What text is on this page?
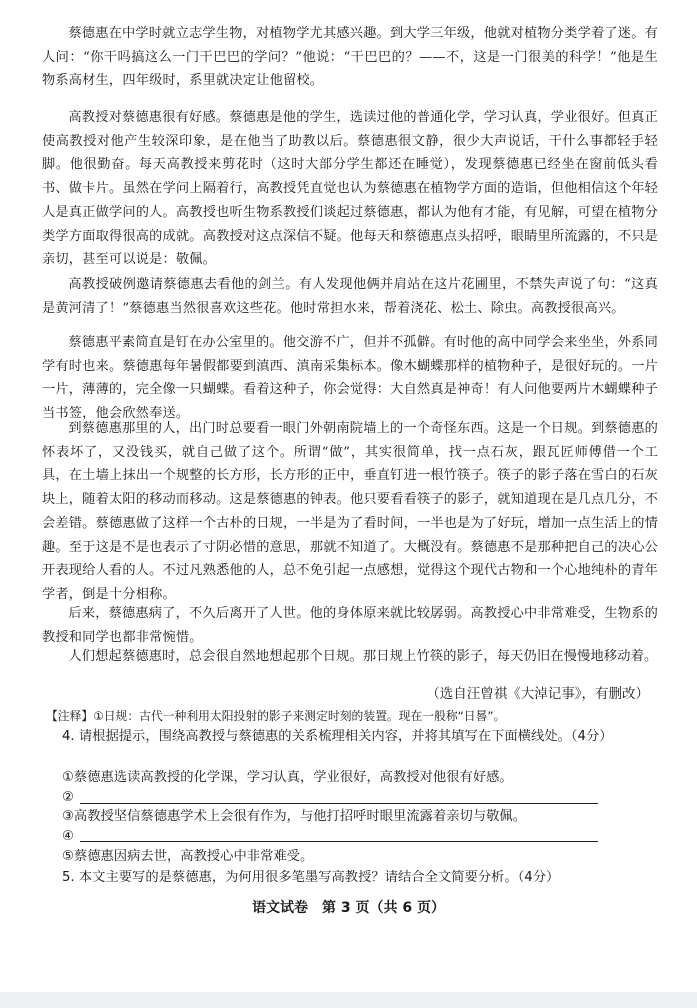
蔡德惠在中学时就立志学生物，对植物学尤其感兴趣。到大学三年级，他就对植物分类学着了迷。有人问：“你干吗搞这么一门干巴巴的学问？”他说：“干巴巴的？——不，这是一门很美的科学！”他是生物系高材生，四年级时，系里就决定让他留校。

高教授对蔡德惠很有好感。蔡德惠是他的学生，选读过他的普通化学，学习认真，学业很好。但真正使高教授对他产生较深印象，是在他当了助教以后。蔡德惠很文静，很少大声说话，干什么事都轻手轻脚。他很勤奋。每天高教授来剪花时（这时大部分学生都还在睡觉），发现蔡德惠已经坐在窗前低头看书、做卡片。虽然在学问上隔着行，高教授凭直觉也认为蔡德惠在植物学方面的造诣，但他相信这个年轻人是真正做学问的人。高教授也听生物系教授们谈起过蔡德惠，都认为他有才能，有见解，可望在植物分类学方面取得很高的成就。高教授对这点深信不疑。他每天和蔡德惠点头招呼，眼睛里所流露的，不只是亲切，甚至可以说是：敬佩。

高教授破例邀请蔡德惠去看他的剑兰。有人发现他俩并肩站在这片花圃里，不禁失声说了句：“这真是黄河清了！”蔡德惠当然很喜欢这些花。他时常担水来，帮着浇花、松土、除虫。高教授很高兴。

蔡德惠平素简直是钉在办公室里的。他交游不广，但并不孤僻。有时他的高中同学会来坐坐，外系同学有时也来。蔡德惠每年暑假都要到滇西、滇南采集标本。像木蝴蝶那样的植物种子，是很好玩的。一片一片，薄薄的，完全像一只蝴蝶。看着这种子，你会觉得：大自然真是神奇！有人问他要两片木蝴蝶种子当书签，他会欣然奉送。

到蔡德惠那里的人，出门时总要看一眼门外朝南院墙上的一个奇怪东西。这是一个日规。到蔡德惠的怀表坏了，又没钱买，就自己做了这个。所谓“做”，其实很简单，找一点石灰，跟瓦匠师傅借一个工具，在土墙上抹出一个规整的长方形，长方形的正中，垂直钉进一根竹筷子。筷子的影子落在雪白的石灰块上，随着太阳的移动而移动。这是蔡德惠的钟表。他只要看看筷子的影子，就知道现在是几点几分，不会差错。蔡德惠做了这样一个古朴的日规，一半是为了看时间，一半也是为了好玩，增加一点生活上的情趣。至于这是不是也表示了寸阴必惜的意思，那就不知道了。大概没有。蔡德惠不是那种把自己的决心公开表现给人看的人。不过凡熟悉他的人，总不免引起一点感想，觉得这个现代古物和一个心地纯朴的青年学者，倒是十分相称。

后来，蔡德惠病了，不久后离开了人世。他的身体原来就比较孱弱。高教授心中非常难受，生物系的教授和同学也都非常惋惜。

人们想起蔡德惠时，总会很自然地想起那个日规。那日规上竹筷的影子，每天仍旧在慢慢地移动着。

（选自汪曾祺《大淖记事》，有删改）
【注释】①日规：古代一种利用太阳投射的影子来测定时刻的装置。现在一般称“日晷”。
4. 请根据提示，围绕高教授与蔡德惠的关系梳理相关内容，并将其填写在下面横线处。（4分）
①蔡德惠选读高教授的化学课，学习认真，学业很好，高教授对他很有好感。
②
③高教授坚信蔡德惠学术上会很有作为，与他打招呼时眼里流露着亲切与敬佩。
④
⑤蔡德惠因病去世，高教授心中非常难受。
5. 本文主要写的是蔡德惠，为何用很多笔墨写高教授？请结合全文简要分析。（4分）
语文试卷　第 3 页（共 6 页）
